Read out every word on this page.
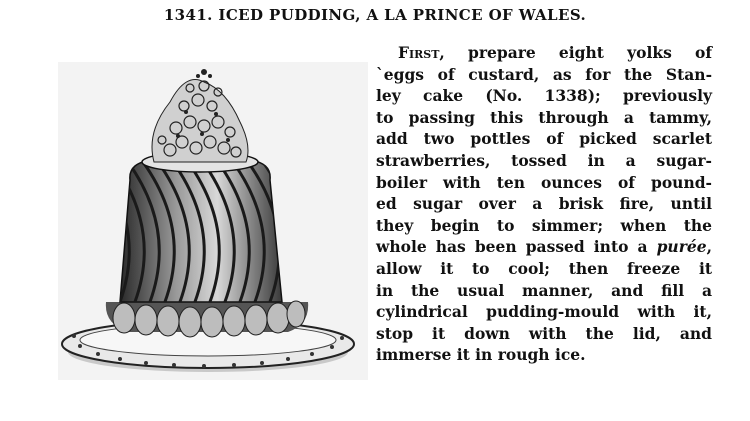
1341. ICED PUDDING, A LA PRINCE OF WALES.

First, prepare eight yolks of
`eggs of custard, as for the Stan-
ley cake (No. 1338); previously
to passing this through a tammy,
add two pottles of picked scarlet
strawberries, tossed in a sugar-
boiler with ten ounces of pound-
ed sugar over a brisk fire, until
they begin to simmer; when the
whole has been passed into a purée,
allow it to cool; then freeze it
in the usual manner, and fill a
cylindrical pudding-mould with it,
stop it down with the lid, and
immerse it in rough ice.
